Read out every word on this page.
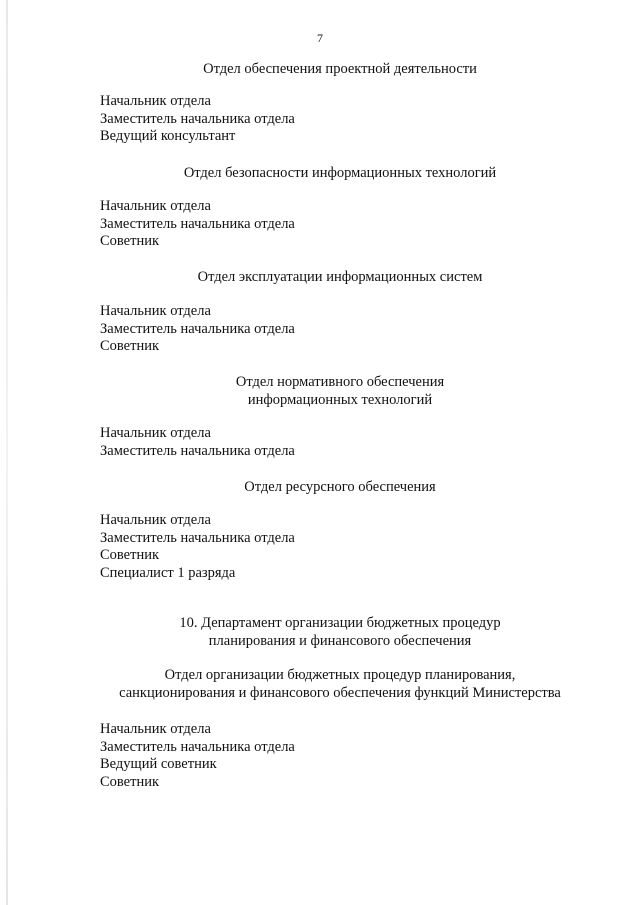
7
Отдел обеспечения проектной деятельности
Начальник отдела
Заместитель начальника отдела
Ведущий консультант
Отдел безопасности информационных технологий
Начальник отдела
Заместитель начальника отдела
Советник
Отдел эксплуатации информационных систем
Начальник отдела
Заместитель начальника отдела
Советник
Отдел нормативного обеспечения
информационных технологий
Начальник отдела
Заместитель начальника отдела
Отдел ресурсного обеспечения
Начальник отдела
Заместитель начальника отдела
Советник
Специалист 1 разряда
10. Департамент организации бюджетных процедур
планирования и финансового обеспечения
Отдел организации бюджетных процедур планирования,
санкционирования и финансового обеспечения функций Министерства
Начальник отдела
Заместитель начальника отдела
Ведущий советник
Советник
